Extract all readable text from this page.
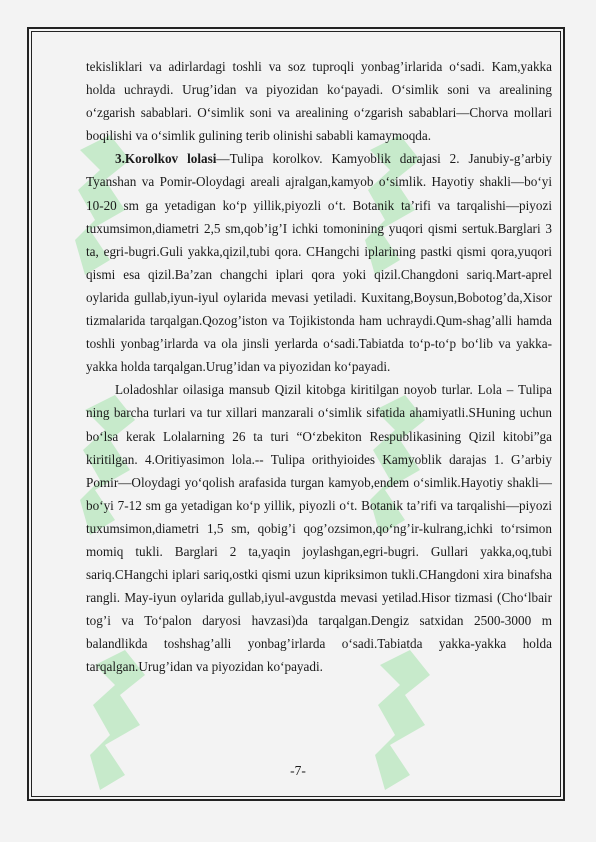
tekisliklari va adirlardagi toshli va soz tuproqli yonbag’irlarida o‘sadi. Kam,yakka holda uchraydi. Urug’idan va piyozidan ko‘payadi. O‘simlik soni va arealining o‘zgarish sabablari. O‘simlik soni va arealining o‘zgarish sabablari—Chorva mollari boqilishi va o‘simlik gulining terib olinishi sababli kamaymoqda.

3.Korolkov lolasi—Tulipa korolkov. Kamyoblik darajasi 2. Janubiy-g’arbiy Tyanshan va Pomir-Oloydagi areali ajralgan,kamyob o‘simlik. Hayotiy shakli—bo‘yi 10-20 sm ga yetadigan ko‘p yillik,piyozli o‘t. Botanik ta’rifi va tarqalishi—piyozi tuxumsimon,diametri 2,5 sm,qob’ig’I ichki tomonining yuqori qismi sertuk.Barglari 3 ta, egri-bugri.Guli yakka,qizil,tubi qora. CHangchi iplarining pastki qismi qora,yuqori qismi esa qizil.Ba’zan changchi iplari qora yoki qizil.Changdoni sariq.Mart-aprel oylarida gullab,iyun-iyul oylarida mevasi yetiladi. Kuxitang,Boysun,Bobotog’da,Xisor tizmalarida tarqalgan.Qozog’iston va Tojikistonda ham uchraydi.Qum-shag’alli hamda toshli yonbag’irlarda va ola jinsli yerlarda o‘sadi.Tabiatda to‘p-to‘p bo‘lib va yakka-yakka holda tarqalgan.Urug’idan va piyozidan ko‘payadi.

Loladoshlar oilasiga mansub Qizil kitobga kiritilgan noyob turlar. Lola – Tulipa ning barcha turlari va tur xillari manzarali o‘simlik sifatida ahamiyatli.SHuning uchun bo‘lsa kerak Lolalarning 26 ta turi “O‘zbekiton Respublikasining Qizil kitobi”ga kiritilgan. 4.Oritiyasimon lola.-- Tulipa orithyioides Kamyoblik darajas 1. G’arbiy Pomir—Oloydagi yo‘qolish arafasida turgan kamyob,endem o‘simlik.Hayotiy shakli—bo‘yi 7-12 sm ga yetadigan ko‘p yillik, piyozli o‘t. Botanik ta’rifi va tarqalishi—piyozi tuxumsimon,diametri 1,5 sm, qobig’i qog’ozsimon,qo‘ng’ir-kulrang,ichki to‘rsimon momiq tukli. Barglari 2 ta,yaqin joylashgan,egri-bugri. Gullari yakka,oq,tubi sariq.CHangchi iplari sariq,ostki qismi uzun kipriksimon tukli.CHangdoni xira binafsha rangli. May-iyun oylarida gullab,iyul-avgustda mevasi yetilad.Hisor tizmasi (Cho‘lbair tog’i va To‘palon daryosi havzasi)da tarqalgan.Dengiz satxidan 2500-3000 m balandlikda toshshag’alli yonbag’irlarda o‘sadi.Tabiatda yakka-yakka holda tarqalgan.Urug’idan va piyozidan ko‘payadi.

-7-
